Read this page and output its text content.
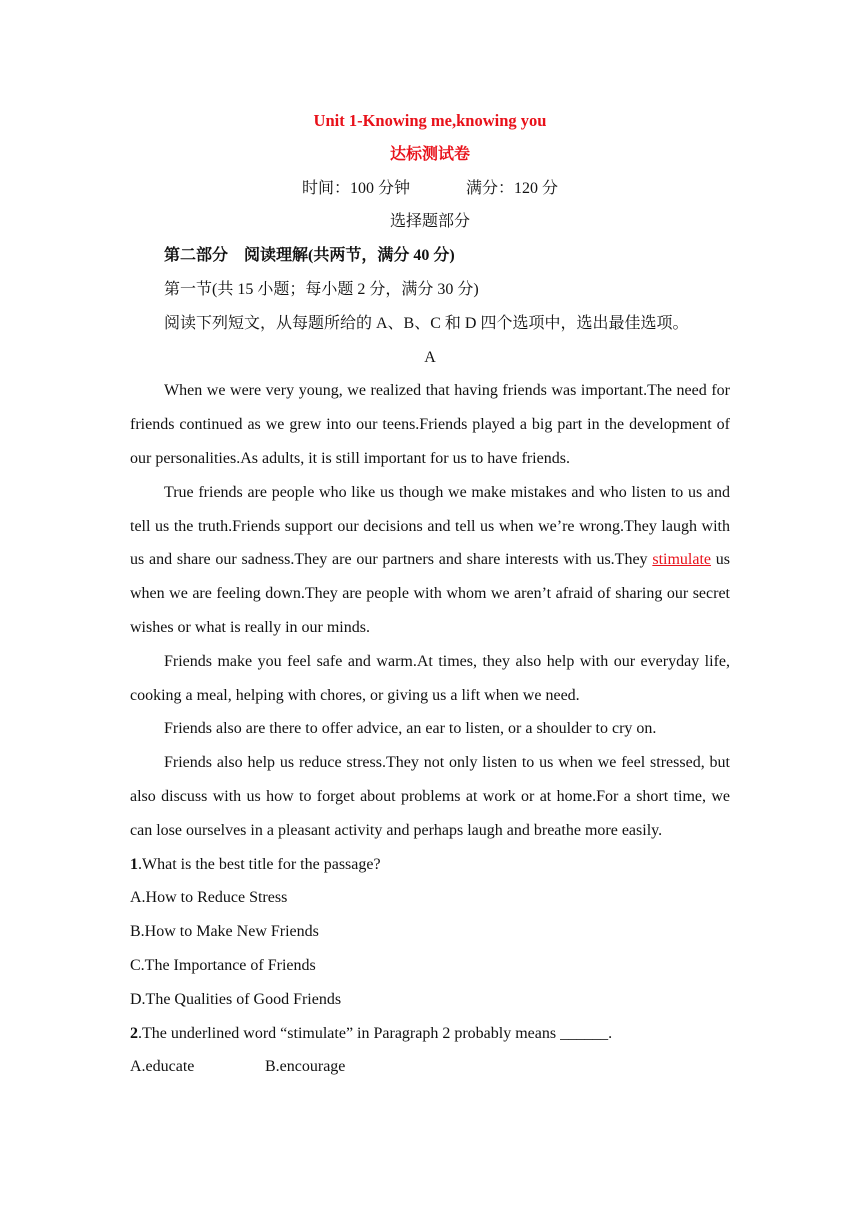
Unit 1-Knowing me,knowing you
达标测试卷
时间：100 分钟	满分：120 分
选择题部分

第二部分　阅读理解(共两节，满分 40 分)

第一节(共 15 小题；每小题 2 分，满分 30 分)

阅读下列短文，从每题所给的 A、B、C 和 D 四个选项中，选出最佳选项。

A

When we were very young, we realized that having friends was important.The need for friends continued as we grew into our teens.Friends played a big part in the development of our personalities.As adults, it is still important for us to have friends.

True friends are people who like us though we make mistakes and who listen to us and tell us the truth.Friends support our decisions and tell us when we’re wrong.They laugh with us and share our sadness.They are our partners and share interests with us.They stimulate us when we are feeling down.They are people with whom we aren’t afraid of sharing our secret wishes or what is really in our minds.

Friends make you feel safe and warm.At times, they also help with our everyday life, cooking a meal, helping with chores, or giving us a lift when we need.

Friends also are there to offer advice, an ear to listen, or a shoulder to cry on.

Friends also help us reduce stress.They not only listen to us when we feel stressed, but also discuss with us how to forget about problems at work or at home.For a short time, we can lose ourselves in a pleasant activity and perhaps laugh and breathe more easily.

1.What is the best title for the passage?

A.How to Reduce Stress

B.How to Make New Friends

C.The Importance of Friends

D.The Qualities of Good Friends

2.The underlined word “stimulate” in Paragraph 2 probably means ______.

A.educate	B.encourage
